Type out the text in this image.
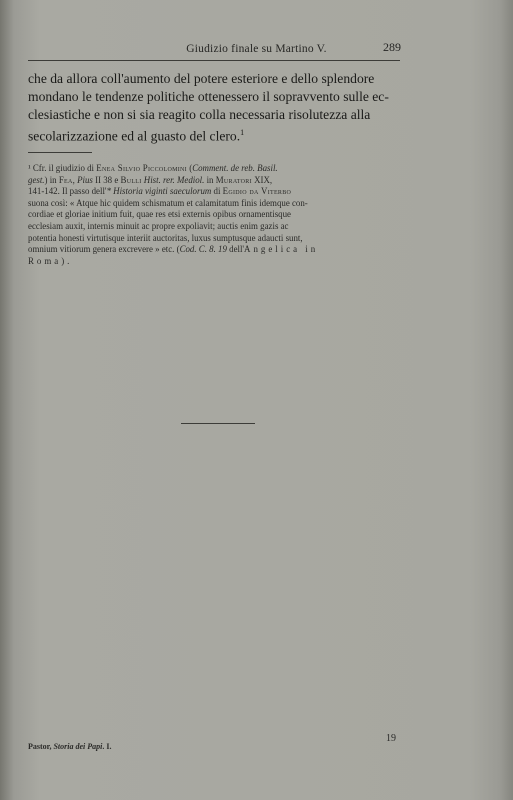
Giudizio finale su Martino V.	289
che da allora coll'aumento del potere esteriore e dello splendore
mondano le tendenze politiche ottenessero il sopravvento sulle ec-
clesiastiche e non si sia reagito colla necessaria risolutezza alla
secolarizzazione ed al guasto del clero.$^1$
¹ Cfr. il giudizio di Enea Silvio Piccolomini (Comment. de reb. Basil.
gest.) in Fea, Pius II 38 e Bulli Hist. rer. Mediol. in Muratori XIX,
141-142. Il passo dell'* Historia viginti saeculorum di Egidio da Viterbo
suona così: « Atque hic quidem schismatum et calamitatum finis idemque con-
cordiae et gloriae initium fuit, quae res etsi externis opibus ornamentisque
ecclesiam auxit, internis minuit ac propre expoliavit; auctis enim gazis ac
potentia honesti virtutisque interiit auctoritas, luxus sumptusque adaucti sunt,
omnium vitiorum genera excrevere » etc. (Cod. C. 8. 19 dell'Angelica in
Roma).
19
Pastor, Storia dei Papi. I.
